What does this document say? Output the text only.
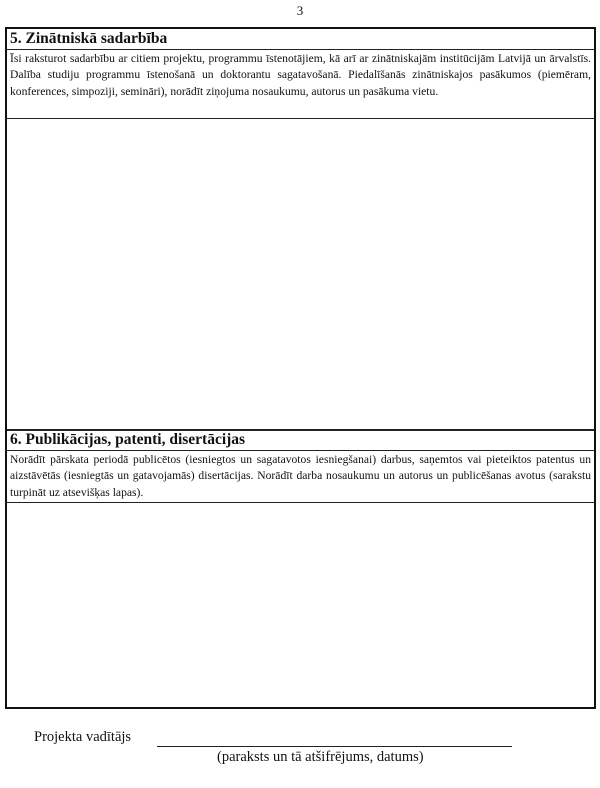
3
5. Zinātniskā sadarbība
Īsi raksturot sadarbību ar citiem projektu, programmu īstenotājiem, kā arī ar zinātniskajām institūcijām Latvijā un ārvalstīs. Dalība studiju programmu īstenošanā un doktorantu sagatavošanā. Piedalīšanās zinātniskajos pasākumos (piemēram, konferences, simpoziji, semināri), norādīt ziņojuma nosaukumu, autorus un pasākuma vietu.
6. Publikācijas, patenti, disertācijas
Norādīt pārskata periodā publicētos (iesniegtos un sagatavotos iesniegšanai) darbus, saņemtos vai pieteiktos patentus un aizstāvētās (iesniegtās un gatavojamās) disertācijas. Norādīt darba nosaukumu un autorus un publicēšanas avotus (sarakstu turpināt uz atsevišķas lapas).
Projekta vadītājs
(paraksts un tā atšifrējums, datums)
